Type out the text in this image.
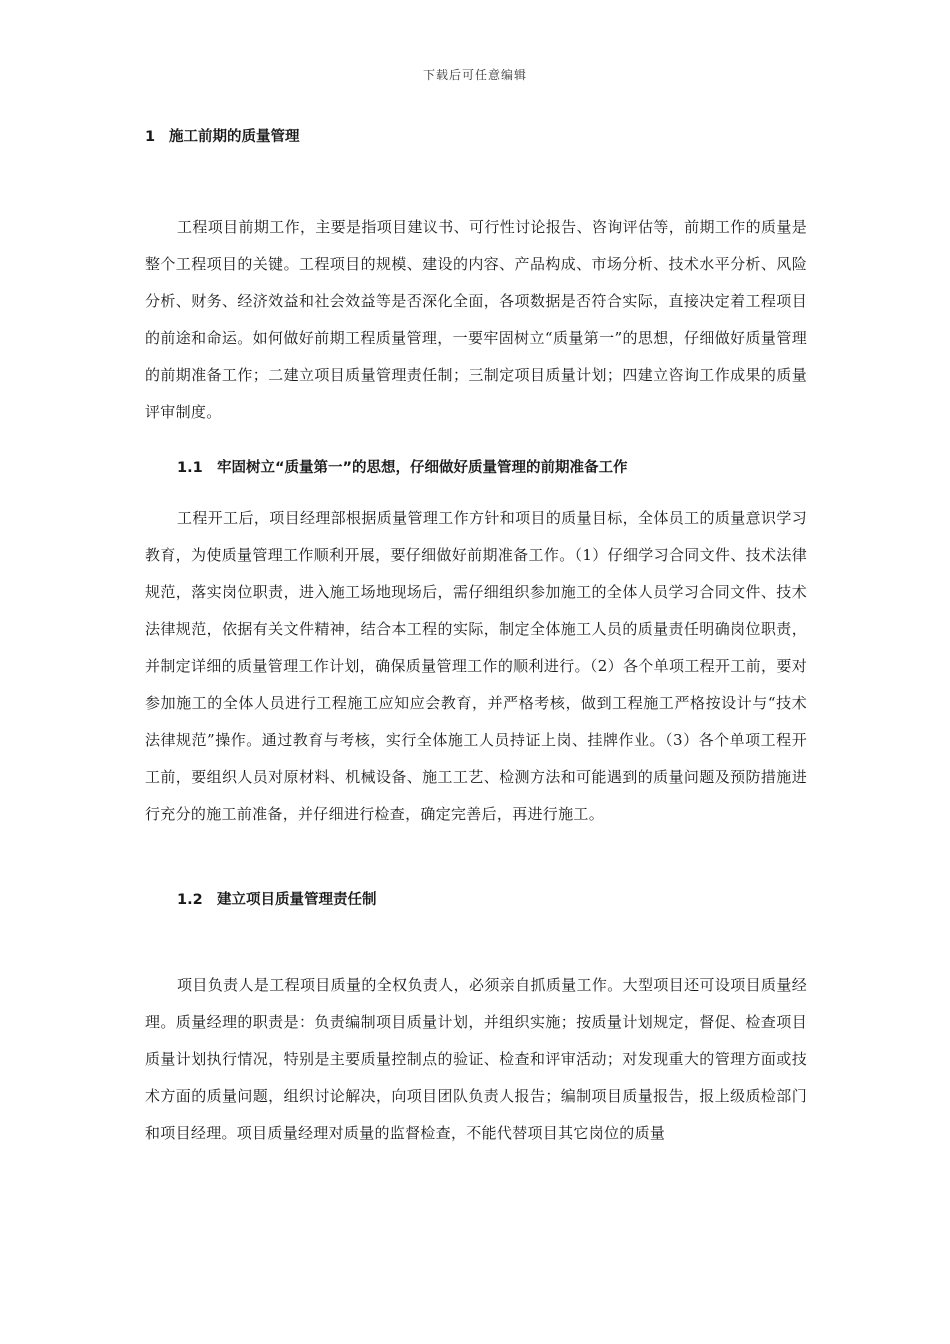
下载后可任意编辑
1 施工前期的质量管理

工程项目前期工作，主要是指项目建议书、可行性讨论报告、咨询评估等，前期工作的质量是整个工程项目的关键。工程项目的规模、建设的内容、产品构成、市场分析、技术水平分析、风险分析、财务、经济效益和社会效益等是否深化全面，各项数据是否符合实际，直接决定着工程项目的前途和命运。如何做好前期工程质量管理，一要牢固树立“质量第一”的思想，仔细做好质量管理的前期准备工作；二建立项目质量管理责任制；三制定项目质量计划；四建立咨询工作成果的质量评审制度。

1.1 牢固树立“质量第一”的思想，仔细做好质量管理的前期准备工作

工程开工后，项目经理部根据质量管理工作方针和项目的质量目标，全体员工的质量意识学习教育，为使质量管理工作顺利开展，要仔细做好前期准备工作。（1）仔细学习合同文件、技术法律规范，落实岗位职责，进入施工场地现场后，需仔细组织参加施工的全体人员学习合同文件、技术法律规范，依据有关文件精神，结合本工程的实际，制定全体施工人员的质量责任明确岗位职责，并制定详细的质量管理工作计划，确保质量管理工作的顺利进行。（2）各个单项工程开工前，要对参加施工的全体人员进行工程施工应知应会教育，并严格考核，做到工程施工严格按设计与“技术法律规范”操作。通过教育与考核，实行全体施工人员持证上岗、挂牌作业。（3）各个单项工程开工前，要组织人员对原材料、机械设备、施工工艺、检测方法和可能遇到的质量问题及预防措施进行充分的施工前准备，并仔细进行检查，确定完善后，再进行施工。

1.2 建立项目质量管理责任制

项目负责人是工程项目质量的全权负责人，必须亲自抓质量工作。大型项目还可设项目质量经理。质量经理的职责是：负责编制项目质量计划，并组织实施；按质量计划规定，督促、检查项目质量计划执行情况，特别是主要质量控制点的验证、检查和评审活动；对发现重大的管理方面或技术方面的质量问题，组织讨论解决，向项目团队负责人报告；编制项目质量报告，报上级质检部门和项目经理。项目质量经理对质量的监督检查，不能代替项目其它岗位的质量
